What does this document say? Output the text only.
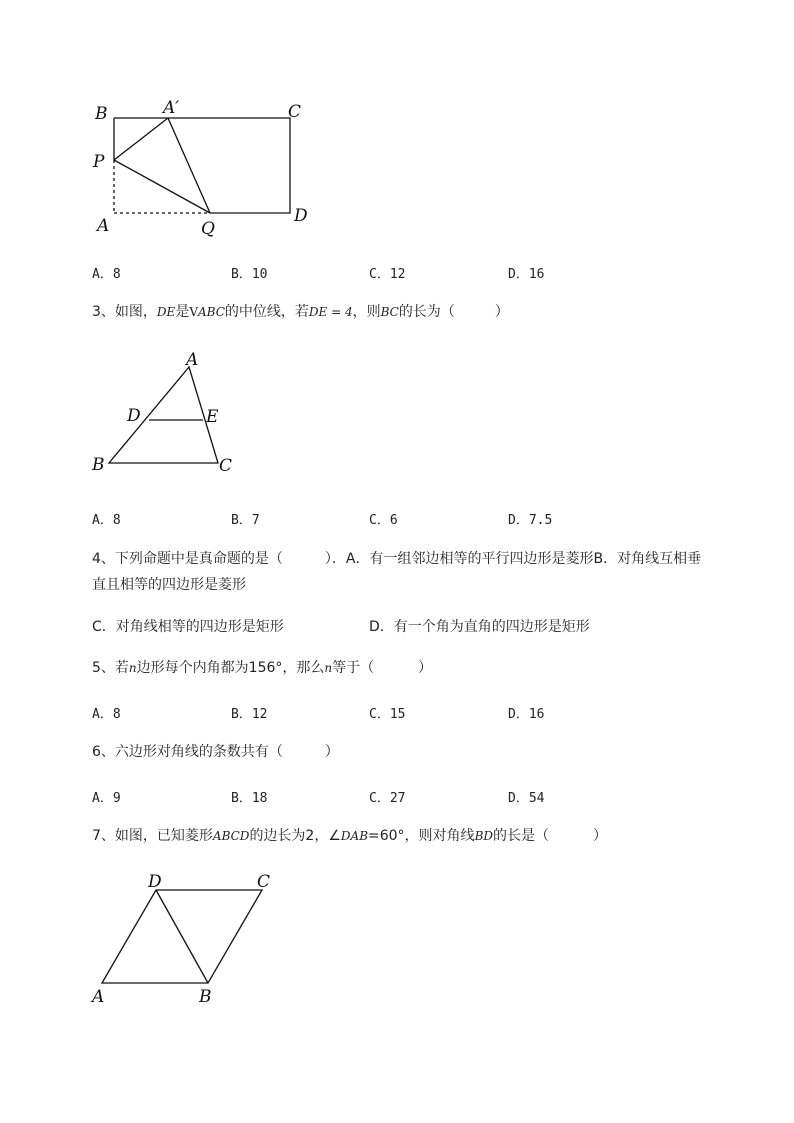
B	A′	C
P
A	Q
D
A．8	B．10	C．12	D．16
3、如图，DE是VABC的中位线，若DE = 4，则BC的长为（	）
A
D	E
B	C
A．8	B．7	C．6	D．7.5
4、下列命题中是真命题的是（	）．A．有一组邻边相等的平行四边形是菱形B．对角线互相垂
直且相等的四边形是菱形
C．对角线相等的四边形是矩形	D．有一个角为直角的四边形是矩形
5、若n边形每个内角都为156°，那么n等于（	）
A．8	B．12	C．15	D．16
6、六边形对角线的条数共有（	）
A．9	B．18	C．27	D．54
7、如图，已知菱形ABCD的边长为2，∠DAB=60°，则对角线BD的长是（	）
D	C
A	B
